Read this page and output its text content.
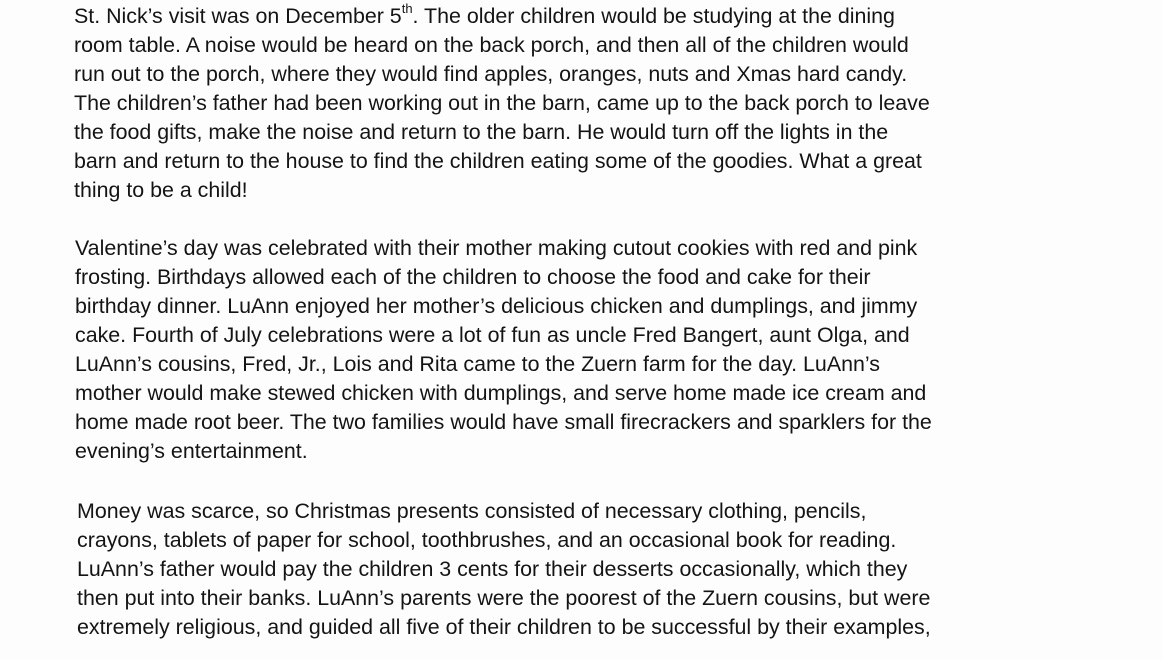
St. Nick’s visit was on December 5th. The older children would be studying at the dining
room table. A noise would be heard on the back porch, and then all of the children would
run out to the porch, where they would find apples, oranges, nuts and Xmas hard candy.
The children’s father had been working out in the barn, came up to the back porch to leave
the food gifts, make the noise and return to the barn. He would turn off the lights in the
barn and return to the house to find the children eating some of the goodies. What a great
thing to be a child!
Valentine’s day was celebrated with their mother making cutout cookies with red and pink
frosting. Birthdays allowed each of the children to choose the food and cake for their
birthday dinner. LuAnn enjoyed her mother’s delicious chicken and dumplings, and jimmy
cake. Fourth of July celebrations were a lot of fun as uncle Fred Bangert, aunt Olga, and
LuAnn’s cousins, Fred, Jr., Lois and Rita came to the Zuern farm for the day. LuAnn’s
mother would make stewed chicken with dumplings, and serve home made ice cream and
home made root beer. The two families would have small firecrackers and sparklers for the
evening’s entertainment.
Money was scarce, so Christmas presents consisted of necessary clothing, pencils,
crayons, tablets of paper for school, toothbrushes, and an occasional book for reading.
LuAnn’s father would pay the children 3 cents for their desserts occasionally, which they
then put into their banks. LuAnn’s parents were the poorest of the Zuern cousins, but were
extremely religious, and guided all five of their children to be successful by their examples,
